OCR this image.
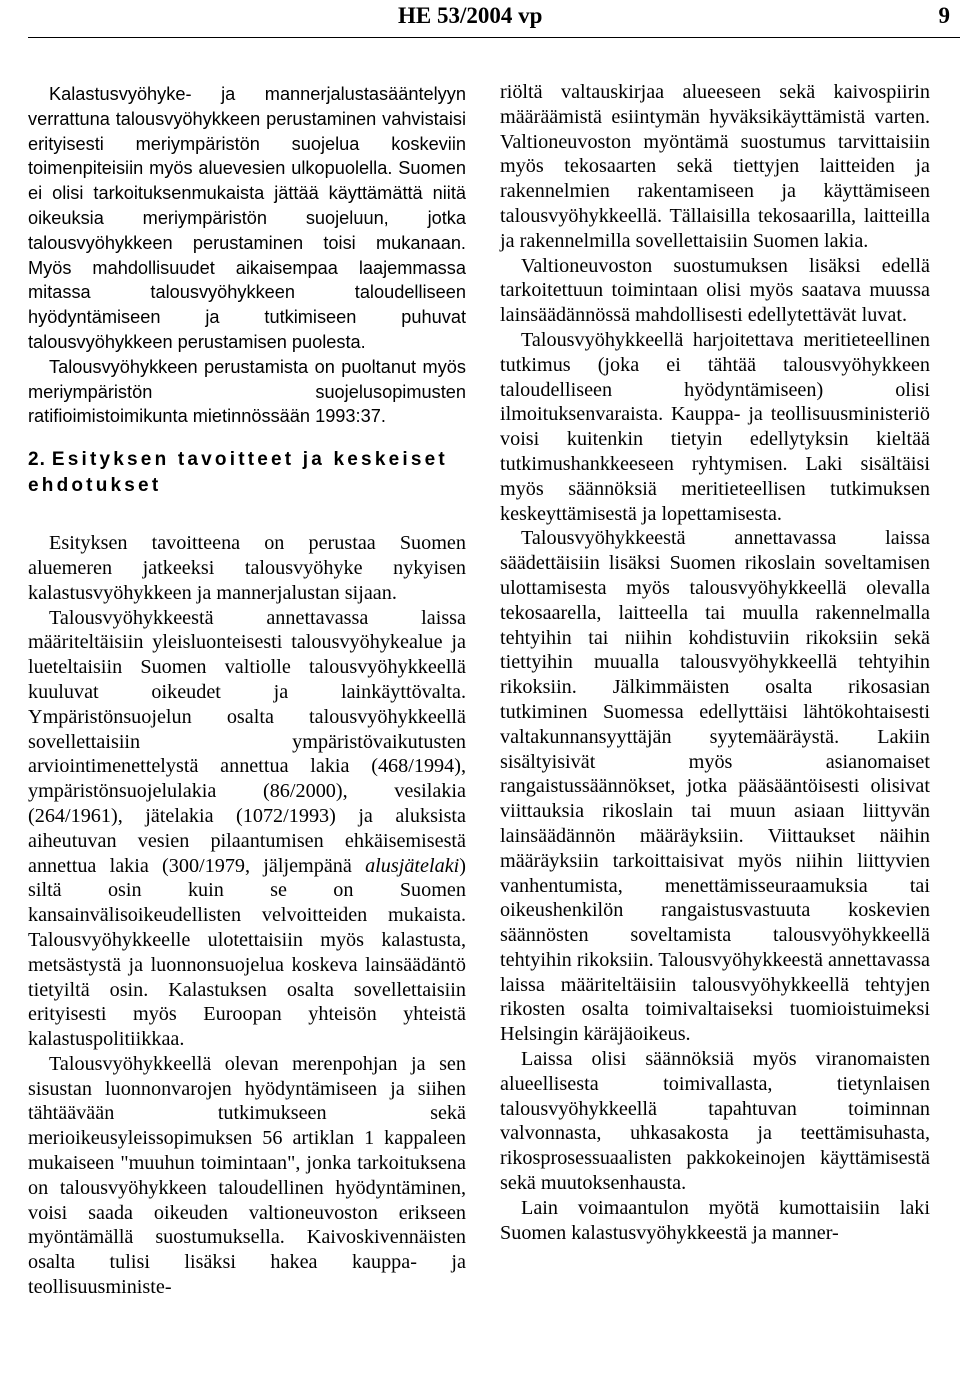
HE 53/2004 vp	9

Kalastusvyöhyke- ja mannerjalustasääntelyyn verrattuna talousvyöhykkeen perustaminen vahvistaisi erityisesti meriympäristön suojelua koskeviin toimenpiteisiin myös aluevesien ulkopuolella. Suomen ei olisi tarkoituksenmukaista jättää käyttämättä niitä oikeuksia meriympäristön suojeluun, jotka talousvyöhykkeen perustaminen toisi mukanaan. Myös mahdollisuudet aikaisempaa laajemmassa mitassa talousvyöhykkeen taloudelliseen hyödyntämiseen ja tutkimiseen puhuvat talousvyöhykkeen perustamisen puolesta.

Talousvyöhykkeen perustamista on puoltanut myös meriympäristön suojelusopimusten ratifioimistoimikunta mietinnössään 1993:37.

2. Esityksen tavoitteet ja keskeiset ehdotukset

Esityksen tavoitteena on perustaa Suomen aluemeren jatkeeksi talousvyöhyke nykyisen kalastusvyöhykkeen ja mannerjalustan sijaan.

Talousvyöhykkeestä annettavassa laissa määriteltäisiin yleisluonteisesti talousvyöhykealue ja lueteltaisiin Suomen valtiolle talousvyöhykkeellä kuuluvat oikeudet ja lainkäyttövalta. Ympäristönsuojelun osalta talousvyöhykkeellä sovellettaisiin ympäristövaikutusten arviointimenettelystä annettua lakia (468/1994), ympäristönsuojelulakia (86/2000), vesilakia (264/1961), jätelakia (1072/1993) ja aluksista aiheutuvan vesien pilaantumisen ehkäisemisestä annettua lakia (300/1979, jäljempänä alusjätelaki) siltä osin kuin se on Suomen kansainvälisoikeudellisten velvoitteiden mukaista. Talousvyöhykkeelle ulotettaisiin myös kalastusta, metsästystä ja luonnonsuojelua koskeva lainsäädäntö tietyiltä osin. Kalastuksen osalta sovellettaisiin erityisesti myös Euroopan yhteisön yhteistä kalastuspolitiikkaa.

Talousvyöhykkeellä olevan merenpohjan ja sen sisustan luonnonvarojen hyödyntämiseen ja siihen tähtäävään tutkimukseen sekä merioikeusyleissopimuksen 56 artiklan 1 kappaleen mukaiseen "muuhun toimintaan", jonka tarkoituksena on talousvyöhykkeen taloudellinen hyödyntäminen, voisi saada oikeuden valtioneuvoston erikseen myöntämällä suostumuksella. Kaivoskivennäisten osalta tulisi lisäksi hakea kauppa- ja teollisuusministe-

riöltä valtauskirjaa alueeseen sekä kaivospiirin määräämistä esiintymän hyväksikäyttämistä varten. Valtioneuvoston myöntämä suostumus tarvittaisiin myös tekosaarten sekä tiettyjen laitteiden ja rakennelmien rakentamiseen ja käyttämiseen talousvyöhykkeellä. Tällaisilla tekosaarilla, laitteilla ja rakennelmilla sovellettaisiin Suomen lakia.

Valtioneuvoston suostumuksen lisäksi edellä tarkoitettuun toimintaan olisi myös saatava muussa lainsäädännössä mahdollisesti edellytettävät luvat.

Talousvyöhykkeellä harjoitettava meritieteellinen tutkimus (joka ei tähtää talousvyöhykkeen taloudelliseen hyödyntämiseen) olisi ilmoituksenvaraista. Kauppa- ja teollisuusministeriö voisi kuitenkin tietyin edellytyksin kieltää tutkimushankkeeseen ryhtymisen. Laki sisältäisi myös säännöksiä meritieteellisen tutkimuksen keskeyttämisestä ja lopettamisesta.

Talousvyöhykkeestä annettavassa laissa säädettäisiin lisäksi Suomen rikoslain soveltamisen ulottamisesta myös talousvyöhykkeellä olevalla tekosaarella, laitteella tai muulla rakennelmalla tehtyihin tai niihin kohdistuviin rikoksiin sekä tiettyihin muualla talousvyöhykkeellä tehtyihin rikoksiin. Jälkimmäisten osalta rikosasian tutkiminen Suomessa edellyttäisi lähtökohtaisesti valtakunnansyyttäjän syytemääräystä. Lakiin sisältyisivät myös asianomaiset rangaistussäännökset, jotka pääsääntöisesti olisivat viittauksia rikoslain tai muun asiaan liittyvän lainsäädännön määräyksiin. Viittaukset näihin määräyksiin tarkoittaisivat myös niihin liittyvien vanhentumista, menettämisseuraamuksia tai oikeushenkilön rangaistusvastuuta koskevien säännösten soveltamista talousvyöhykkeellä tehtyihin rikoksiin. Talousvyöhykkeestä annettavassa laissa määriteltäisiin talousvyöhykkeellä tehtyjen rikosten osalta toimivaltaiseksi tuomioistuimeksi Helsingin käräjäoikeus.

Laissa olisi säännöksiä myös viranomaisten alueellisesta toimivallasta, tietynlaisen talousvyöhykkeellä tapahtuvan toiminnan valvonnasta, uhkasakosta ja teettämisuhasta, rikosprosessuaalisten pakkokeinojen käyttämisestä sekä muutoksenhausta.

Lain voimaantulon myötä kumottaisiin laki Suomen kalastusvyöhykkeestä ja manner-
